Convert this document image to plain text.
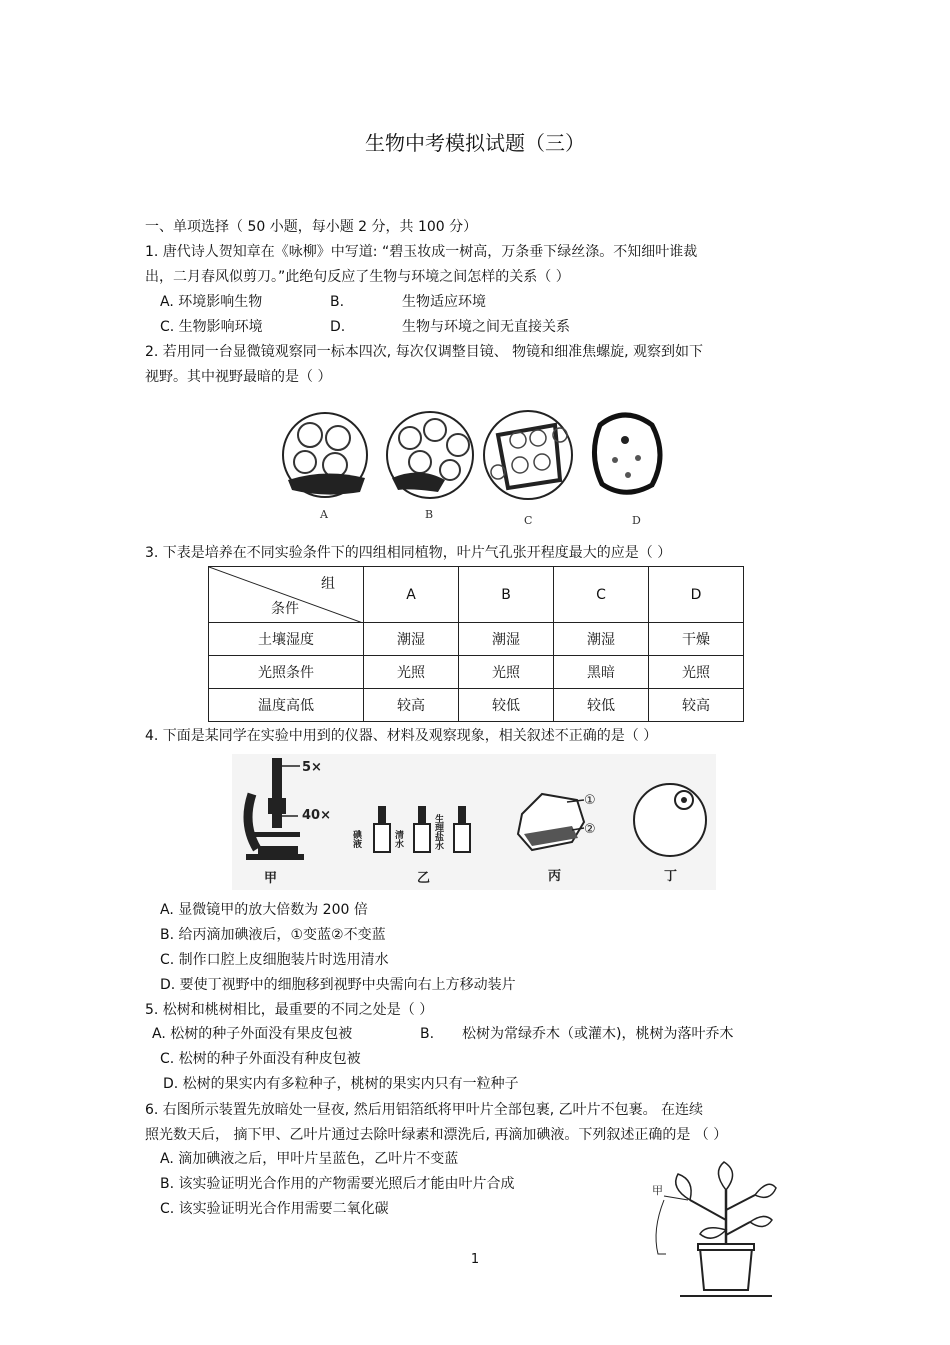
生物中考模拟试题（三）
一、单项选择（ 50 小题，每小题 2 分，共 100 分）
1. 唐代诗人贺知章在《咏柳》中写道: “碧玉妆成一树高，万条垂下绿丝涤。不知细叶谁裁
出，二月春风似剪刀。”此绝句反应了生物与环境之间怎样的关系（ ）
A. 环境影响生物	B.	生物适应环境
C. 生物影响环境	D.	生物与环境之间无直接关系
2. 若用同一台显微镜观察同一标本四次, 每次仅调整目镜、 物镜和细准焦螺旋, 观察到如下
视野。其中视野最暗的是（ ）
A	B	C	D
3. 下表是培养在不同实验条件下的四组相同植物，叶片气孔张开程度最大的应是（ ）
组
条件	A	B	C	D
土壤湿度	潮湿	潮湿	潮湿	干燥
光照条件	光照	光照	黑暗	光照
温度高低	较高	较低	较低	较高
4. 下面是某同学在实验中用到的仪器、材料及观察现象，相关叙述不正确的是（ ）
5×
40×
甲
碘液	清水	生理盐水
乙
①
②
丙	丁
A. 显微镜甲的放大倍数为 200 倍
B. 给丙滴加碘液后，①变蓝②不变蓝
C. 制作口腔上皮细胞装片时选用清水
D. 要使丁视野中的细胞移到视野中央需向右上方移动装片
5. 松树和桃树相比，最重要的不同之处是（ ）
A. 松树的种子外面没有果皮包被	B. 松树为常绿乔木（或灌木)，桃树为落叶乔木
C. 松树的种子外面没有种皮包被
D. 松树的果实内有多粒种子，桃树的果实内只有一粒种子
6. 右图所示装置先放暗处一昼夜, 然后用铝箔纸将甲叶片全部包裹, 乙叶片不包裹。 在连续
照光数天后， 摘下甲、乙叶片通过去除叶绿素和漂洗后, 再滴加碘液。下列叙述正确的是 （ ）
A. 滴加碘液之后，甲叶片呈蓝色，乙叶片不变蓝
B. 该实验证明光合作用的产物需要光照后才能由叶片合成
C. 该实验证明光合作用需要二氧化碳
甲
1
